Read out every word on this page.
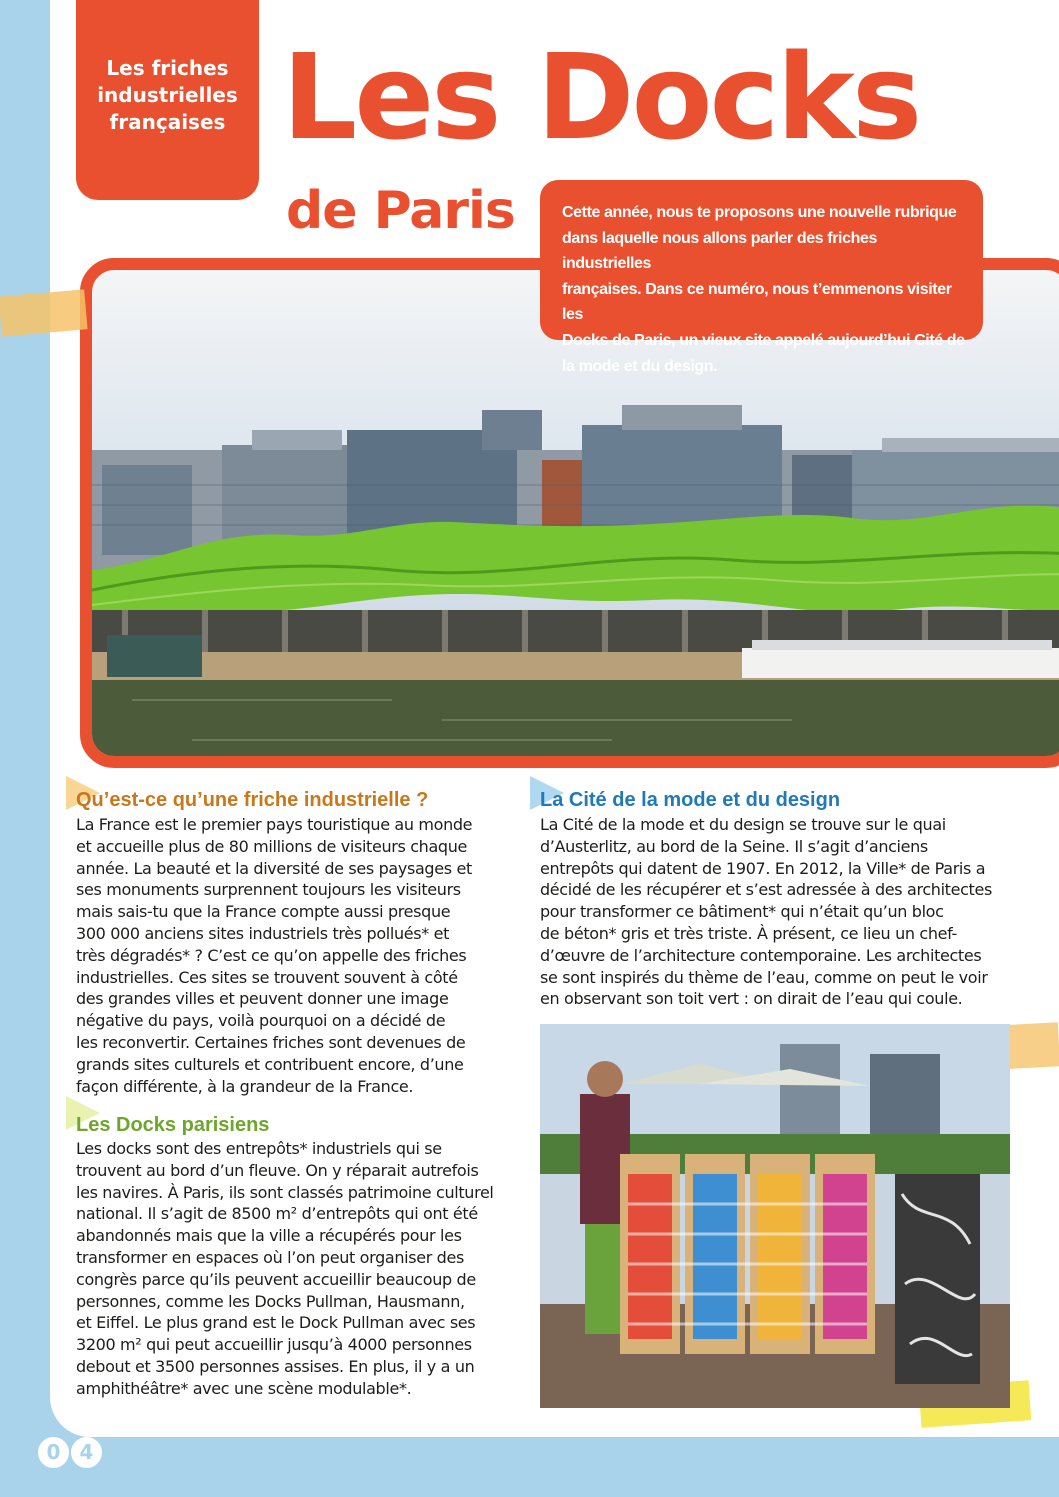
Les friches
industrielles
françaises Les Docks
de Paris	Cette année, nous te proposons une nouvelle rubrique
dans laquelle nous allons parler des friches industrielles
françaises. Dans ce numéro, nous t’emmenons visiter les
Docks de Paris, un vieux site appelé aujourd’hui Cité de
la mode et du design.
Qu’est-ce qu’une friche industrielle ?
La France est le premier pays touristique au monde
et accueille plus de 80 millions de visiteurs chaque
année. La beauté et la diversité de ses paysages et
ses monuments surprennent toujours les visiteurs
mais sais-tu que la France compte aussi presque
300 000 anciens sites industriels très pollués* et
très dégradés* ? C’est ce qu’on appelle des friches
industrielles. Ces sites se trouvent souvent à côté
des grandes villes et peuvent donner une image
négative du pays, voilà pourquoi on a décidé de
les reconvertir. Certaines friches sont devenues de
grands sites culturels et contribuent encore, d’une
façon différente, à la grandeur de la France.
Les Docks parisiens
Les docks sont des entrepôts* industriels qui se
trouvent au bord d’un fleuve. On y réparait autrefois
les navires. À Paris, ils sont classés patrimoine culturel
national. Il s’agit de 8500 m² d’entrepôts qui ont été
abandonnés mais que la ville a récupérés pour les
transformer en espaces où l’on peut organiser des
congrès parce qu’ils peuvent accueillir beaucoup de
personnes, comme les Docks Pullman, Hausmann,
et Eiffel. Le plus grand est le Dock Pullman avec ses
3200 m² qui peut accueillir jusqu’à 4000 personnes
debout et 3500 personnes assises. En plus, il y a un
amphithéâtre* avec une scène modulable*.
La Cité de la mode et du design
La Cité de la mode et du design se trouve sur le quai
d’Austerlitz, au bord de la Seine. Il s’agit d’anciens
entrepôts qui datent de 1907. En 2012, la Ville* de Paris a
décidé de les récupérer et s’est adressée à des architectes
pour transformer ce bâtiment* qui n’était qu’un bloc
de béton* gris et très triste. À présent, ce lieu un chef-
d’œuvre de l’architecture contemporaine. Les architectes
se sont inspirés du thème de l’eau, comme on peut le voir
en observant son toit vert : on dirait de l’eau qui coule.
0 4
